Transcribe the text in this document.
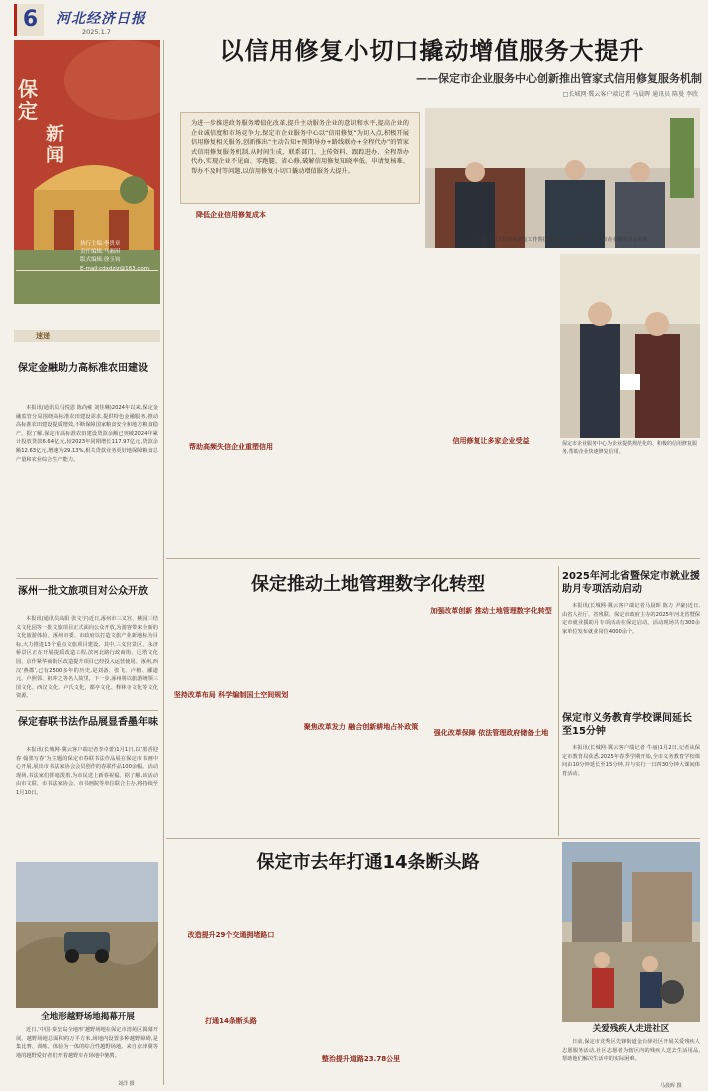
6	河北经济日报
2025.1.7
保定
新闻
执行主编:李贵章
责任编辑:马湘琪
版式编辑:徐玉钧
E-mail:cdxdzjz@163.com
速递
保定金融助力高标准农田建设

本报讯(通讯员马悦恩 陈尚雍 刘佳琳)2024年以来,保定金融监管分局围绕高标准农田建设需求,提供特色金融服务,推动高标准农田建设提质增效,不断保障国家粮食安全和地方粮食稳产。据了解,保定市高标准农田建设贷款余额已突破2024年累计投放贷款6.64亿元,较2023年同期增长117.97亿元,贷款余额12.63亿元,增速为29.13%,相关贷款业务更好地保障粮食总产量和农业综合生产能力。

涿州一批文旅项目对公众开放

本报讯(通讯员高阳 张文宇)近日,涿州市三义宫、桃园三结义文化园等一批文旅项目正式面向公众开放,为游客带来全新的文化旅游体验。涿州市委、市政府以打造文旅产业新地标为目标,大力推进13个重点文旅项目建设。其中,三义宫景区、永济桥景区正在开展提质改造工程,滨河北路行政商街、辽塔文化园、京作紧华商街区改造提升项目已经投入运营使用。涿州,西汉‘燕郡’,已有2500多年的历史,是刘备、张飞、卢植、郦道元、卢照邻、祖冲之等名人故里。下一步,涿州将以旅游统领三国文化、西汉文化、卢氏文化、都亭文化、释林寺文化等文化资源。

保定春联书法作品展显香墨年味

本报讯(长城网·冀云客户端记者李卓蕾)1月1日,以‘墨香迎春 翰墨写春’为主题的保定市春联书法作品展在保定市书画中心开展,展出市书法家协会会员创作的春联作品100余幅。活动现场,书法家们挥毫泼墨,为市民送上新春祝福。据了解,该活动由市文联、市书法家协会、市书画院等单位联合主办,将持续至1月10日。

全地形越野场地揭幕开展

近日,‘中国·秦皇岛全地形’越野场地在保定市清苑区揭幕开展。越野场地总面积约万平方米,场地内设置多种越野障碍,是集比赛、训练、体验为一体的综合性越野场地。来自京津冀等地的越野爱好者们开着越野车在场地中驰骋。

刘洋 摄
以信用修复小切口撬动增值服务大提升
——保定市企业服务中心创新推出管家式信用修复服务机制
□长城网·冀云客户端记者 马晨晖 通讯员 陈曼 李欣
为进一步推进政务服务增值化改革,提升主动服务企业的意识和水平,提高企业的企业诚信度和市场竞争力,保定市企业服务中心以“信用修复”为切入点,积极开展信用修复相关服务,创新推出“主动告知+预期导办+路线联办+全程代办”的管家式信用修复服务机制,从时间生成、联系部门、上传资料、跟踪进办、全程帮办代办,实现企业不见面、零跑腿、省心修,破解信用修复知晓率低、申请复核难、帮办不及时等问题,以信用修复小切口撬动增值服务大提升。
工作人员介绍信用修复工作帮扶企业开展信用修复。保定市企业服务中心供图
降低企业信用修复成本
帮助高频失信企业重塑信用
信用修复让多家企业受益	保定市企业服务中心为企业提供规范化的、积极的信用修复服务,帮助企业快速修复信用。
保定推动土地管理数字化转型
坚持改革布局 科学编制国土空间规划
聚焦改革发力 融合创新耕地占补政策
加强改革创新 推动土地管理数字化转型
强化改革保障 依法管理政府储备土地
2025年河北省暨保定市就业援助月专项活动启动

本报讯(长城网·冀云客户端记者马晨晖 陈力 尹豪)近日,由省人社厅、省残联、保定市政府主办的2025年河北省暨保定市就业援助月专项活动在保定启动。活动现场共有300余家单位发布就业岗位4000余个。

保定市义务教育学校课间延长至15分钟

本报讯(长城网·冀云客户端记者 牛丽)1月2日,记者从保定市教育局获悉,2025年春季学期开始,全市义务教育学校课间由10分钟延长至15分钟,并与实行一日四30分钟大课间体育活动。

保定市去年打通14条断头路
改造提升29个交通拥堵路口
打通14条断头路
整治提升道路23.78公里
关爱残疾人走进社区

日前,保定市竞秀区先锋街道金台驿社区开展关爱残疾人志愿服务活动,社区志愿者为辖区内的残疾人送去生活用品,帮助他们解决生活中的实际困难。

马晨晖 摄
